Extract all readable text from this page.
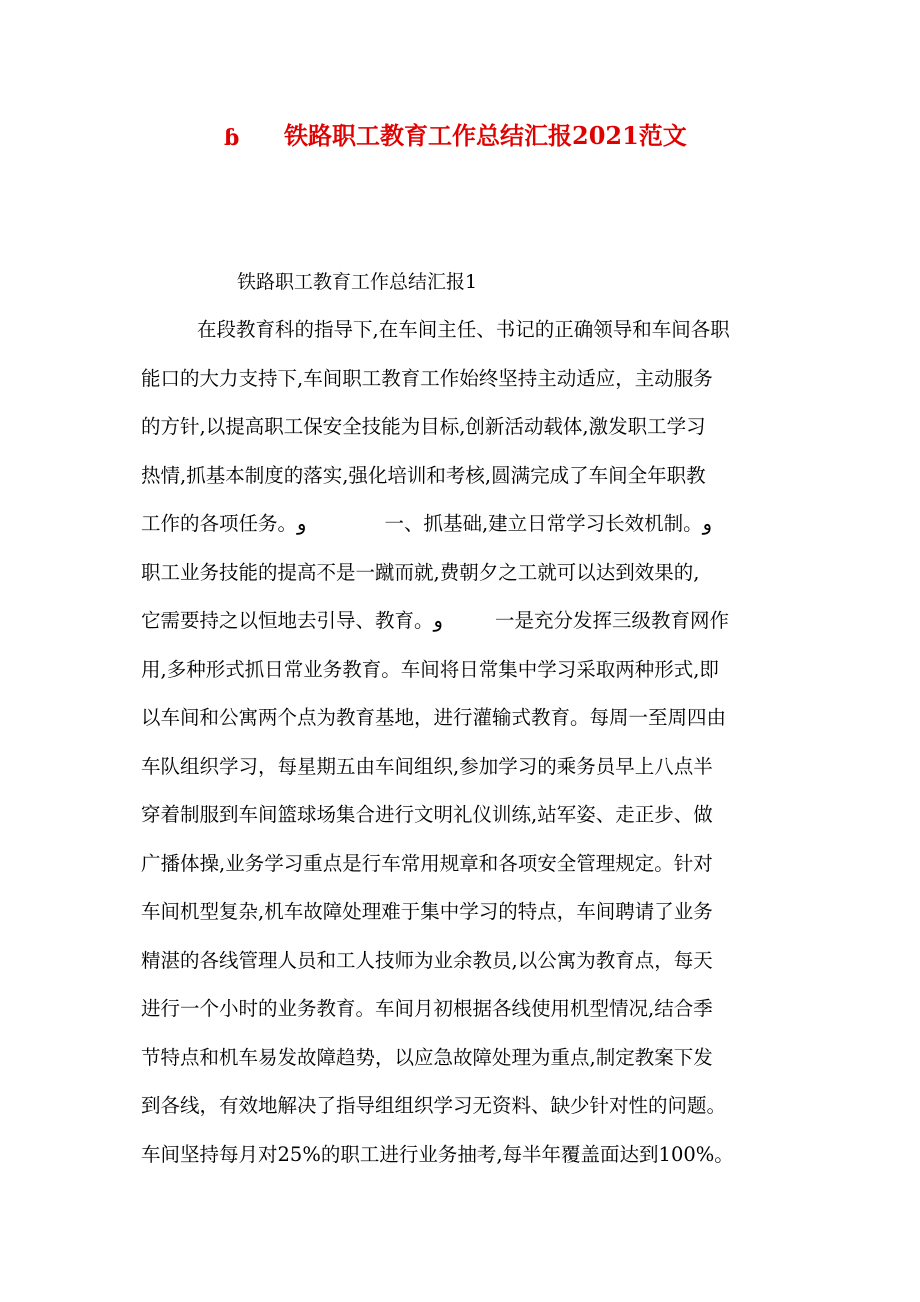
ɓ 铁路职工教育工作总结汇报2021范文
铁路职工教育工作总结汇报1
在段教育科的指导下,在车间主任、书记的正确领导和车间各职
能口的大力支持下,车间职工教育工作始终坚持主动适应，主动服务
的方针,以提高职工保安全技能为目标,创新活动载体,激发职工学习
热情,抓基本制度的落实,强化培训和考核,圆满完成了车间全年职教
工作的各项任务。و	一、抓基础,建立日常学习长效机制。و
职工业务技能的提高不是一蹴而就,费朝夕之工就可以达到效果的,
它需要持之以恒地去引导、教育。و	一是充分发挥三级教育网作
用,多种形式抓日常业务教育。车间将日常集中学习采取两种形式,即
以车间和公寓两个点为教育基地，进行灌输式教育。每周一至周四由
车队组织学习，每星期五由车间组织,参加学习的乘务员早上八点半
穿着制服到车间篮球场集合进行文明礼仪训练,站军姿、走正步、做
广播体操,业务学习重点是行车常用规章和各项安全管理规定。针对
车间机型复杂,机车故障处理难于集中学习的特点，车间聘请了业务
精湛的各线管理人员和工人技师为业余教员,以公寓为教育点，每天
进行一个小时的业务教育。车间月初根据各线使用机型情况,结合季
节特点和机车易发故障趋势，以应急故障处理为重点,制定教案下发
到各线，有效地解决了指导组组织学习无资料、缺少针对性的问题。
车间坚持每月对25%的职工进行业务抽考,每半年覆盖面达到100%。
